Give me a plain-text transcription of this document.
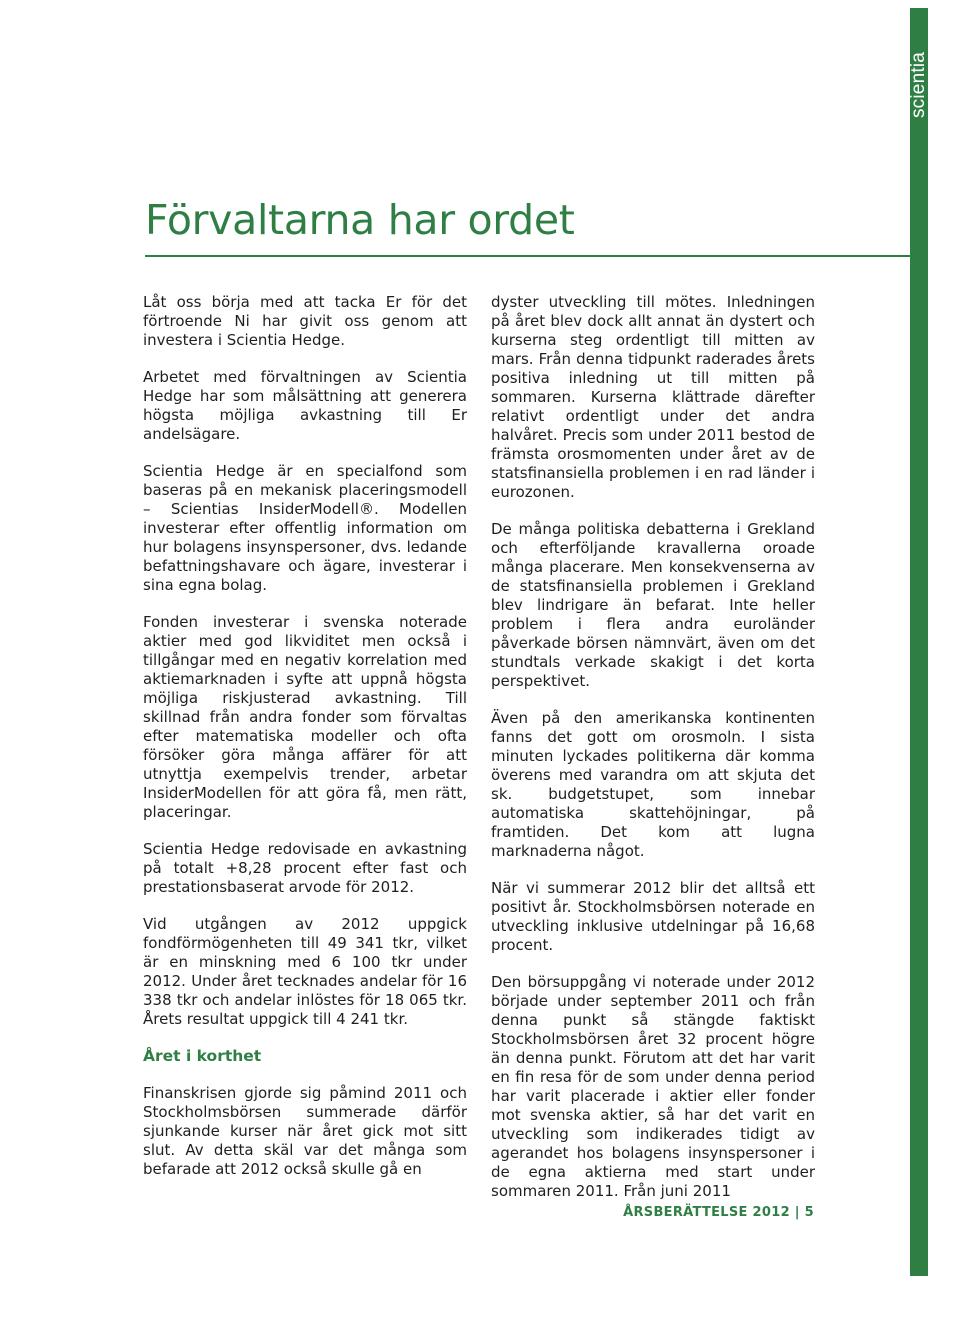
scientia
Förvaltarna har ordet

Låt oss börja med att tacka Er för det förtroende Ni har givit oss genom att investera i Scientia Hedge.

Arbetet med förvaltningen av Scientia Hedge har som målsättning att generera högsta möjliga avkastning till Er andelsägare.

Scientia Hedge är en specialfond som baseras på en mekanisk placeringsmodell – Scientias InsiderModell®. Modellen investerar efter offentlig information om hur bolagens insynspersoner, dvs. ledande befattningshavare och ägare, investerar i sina egna bolag.

Fonden investerar i svenska noterade aktier med god likviditet men också i tillgångar med en negativ korrelation med aktiemarknaden i syfte att uppnå högsta möjliga riskjusterad avkastning. Till skillnad från andra fonder som förvaltas efter matematiska modeller och ofta försöker göra många affärer för att utnyttja exempelvis trender, arbetar InsiderModellen för att göra få, men rätt, placeringar.

Scientia Hedge redovisade en avkastning på totalt +8,28 procent efter fast och prestationsbaserat arvode för 2012.

Vid utgången av 2012 uppgick fondförmögenheten till 49 341 tkr, vilket är en minskning med 6 100 tkr under 2012. Under året tecknades andelar för 16 338 tkr och andelar inlöstes för 18 065 tkr. Årets resultat uppgick till 4 241 tkr.

Året i korthet

Finanskrisen gjorde sig påmind 2011 och Stockholmsbörsen summerade därför sjunkande kurser när året gick mot sitt slut. Av detta skäl var det många som befarade att 2012 också skulle gå en

dyster utveckling till mötes. Inledningen på året blev dock allt annat än dystert och kurserna steg ordentligt till mitten av mars. Från denna tidpunkt raderades årets positiva inledning ut till mitten på sommaren. Kurserna klättrade därefter relativt ordentligt under det andra halvåret. Precis som under 2011 bestod de främsta orosmomenten under året av de statsfinansiella problemen i en rad länder i eurozonen.

De många politiska debatterna i Grekland och efterföljande kravallerna oroade många placerare. Men konsekvenserna av de statsfinansiella problemen i Grekland blev lindrigare än befarat. Inte heller problem i flera andra euroländer påverkade börsen nämnvärt, även om det stundtals verkade skakigt i det korta perspektivet.

Även på den amerikanska kontinenten fanns det gott om orosmoln. I sista minuten lyckades politikerna där komma överens med varandra om att skjuta det sk. budgetstupet, som innebar automatiska skattehöjningar, på framtiden. Det kom att lugna marknaderna något.

När vi summerar 2012 blir det alltså ett positivt år. Stockholmsbörsen noterade en utveckling inklusive utdelningar på 16,68 procent.

Den börsuppgång vi noterade under 2012 började under september 2011 och från denna punkt så stängde faktiskt Stockholmsbörsen året 32 procent högre än denna punkt. Förutom att det har varit en fin resa för de som under denna period har varit placerade i aktier eller fonder mot svenska aktier, så har det varit en utveckling som indikerades tidigt av agerandet hos bolagens insynspersoner i de egna aktierna med start under sommaren 2011. Från juni 2011

ÅRSBERÄTTELSE 2012 | 5
